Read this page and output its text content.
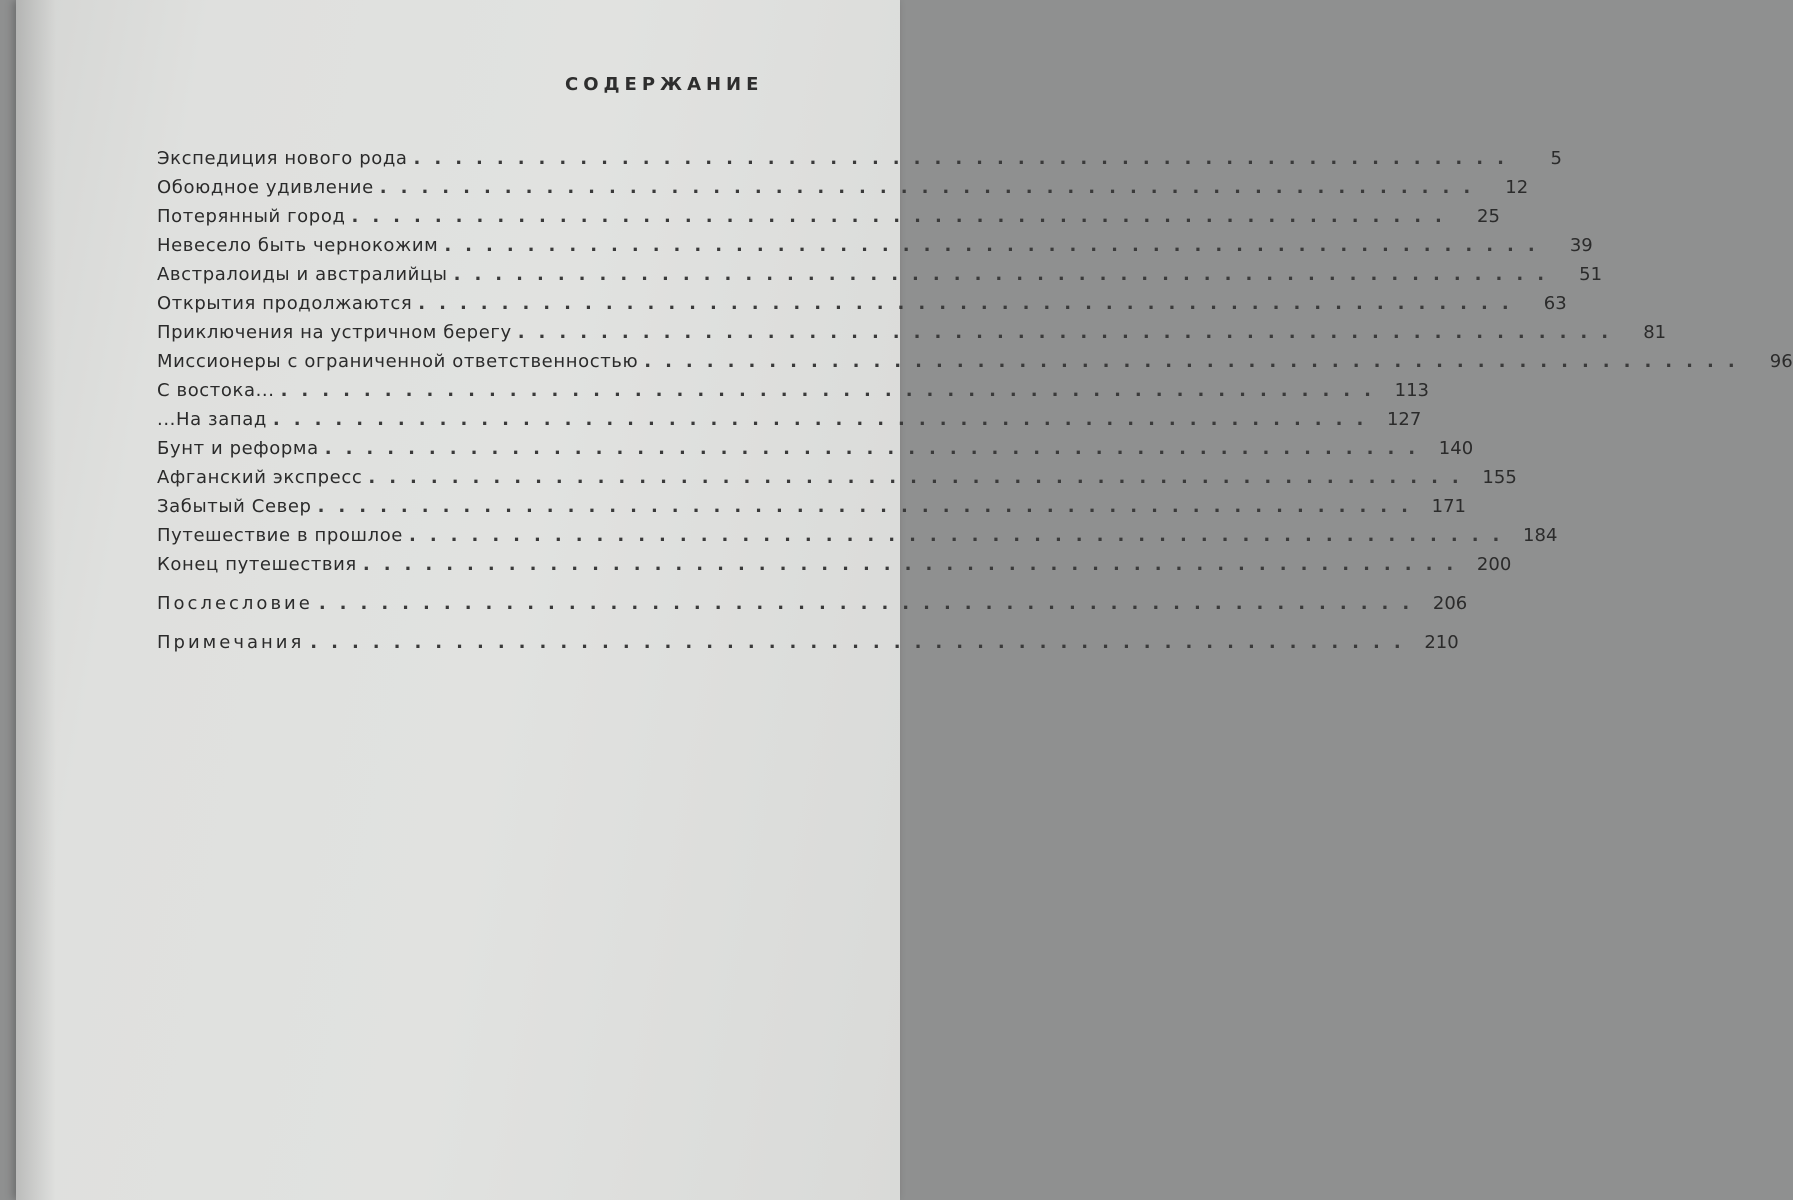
СОДЕРЖАНИЕ
Экспедиция нового рода .....................................................	5
Обоюдное удивление .....................................................	12
Потерянный город .....................................................	25
Невесело быть чернокожим .....................................................	39
Австралоиды и австралийцы .....................................................	51
Открытия продолжаются .....................................................	63
Приключения на устричном берегу .....................................................	81
Миссионеры с ограниченной ответственностью .....................................................	96
С востока... ..................................................... 113
...На запад ..................................................... 127
Бунт и реформа ..................................................... 140
Афганский экспресс ..................................................... 155
Забытый Север ..................................................... 171
Путешествие в прошлое ..................................................... 184
Конец путешествия ..................................................... 200
Послесловие ..................................................... 206
Примечания ..................................................... 210
